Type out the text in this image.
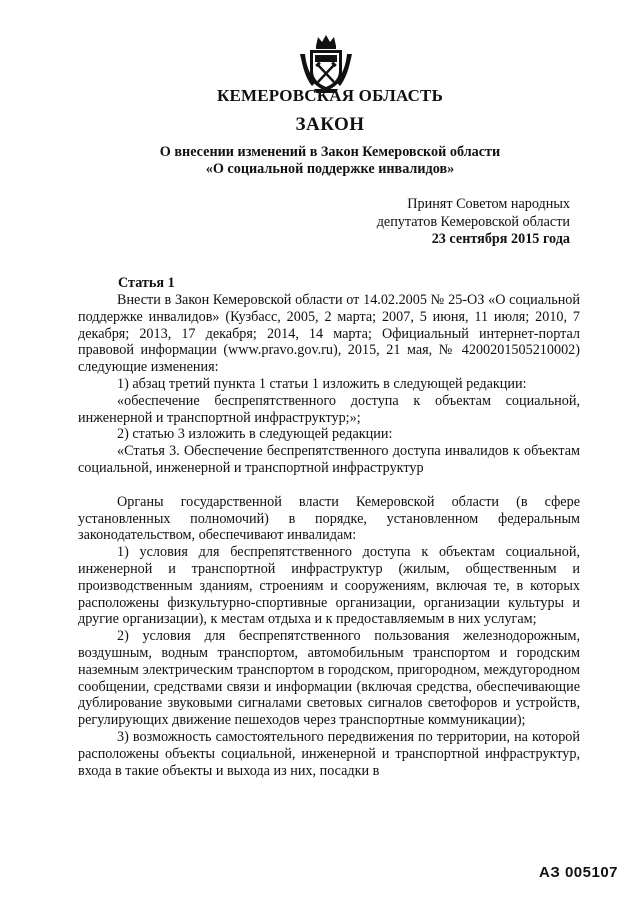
КЕМЕРОВСКАЯ ОБЛАСТЬ
ЗАКОН
О внесении изменений в Закон Кемеровской области
«О социальной поддержке инвалидов»
Принят Советом народных
депутатов Кемеровской области
23 сентября 2015 года
Статья 1

Внести в Закон Кемеровской области от 14.02.2005 № 25-ОЗ «О социальной поддержке инвалидов» (Кузбасс, 2005, 2 марта; 2007, 5 июня, 11 июля; 2010, 7 декабря; 2013, 17 декабря; 2014, 14 марта; Официальный интернет-портал правовой информации (www.pravo.gov.ru), 2015, 21 мая, № 4200201505210002) следующие изменения:

1) абзац третий пункта 1 статьи 1 изложить в следующей редакции:

«обеспечение беспрепятственного доступа к объектам социальной, инженерной и транспортной инфраструктур;»;

2) статью 3 изложить в следующей редакции:

«Статья 3. Обеспечение беспрепятственного доступа инвалидов к объектам социальной, инженерной и транспортной инфраструктур

Органы государственной власти Кемеровской области (в сфере установленных полномочий) в порядке, установленном федеральным законодательством, обеспечивают инвалидам:

1) условия для беспрепятственного доступа к объектам социальной, инженерной и транспортной инфраструктур (жилым, общественным и производственным зданиям, строениям и сооружениям, включая те, в которых расположены физкультурно-спортивные организации, организации культуры и другие организации), к местам отдыха и к предоставляемым в них услугам;

2) условия для беспрепятственного пользования железнодорожным, воздушным, водным транспортом, автомобильным транспортом и городским наземным электрическим транспортом в городском, пригородном, междугородном сообщении, средствами связи и информации (включая средства, обеспечивающие дублирование звуковыми сигналами световых сигналов светофоров и устройств, регулирующих движение пешеходов через транспортные коммуникации);

3) возможность самостоятельного передвижения по территории, на которой расположены объекты социальной, инженерной и транспортной инфраструктур, входа в такие объекты и выхода из них, посадки в

АЗ 005107
